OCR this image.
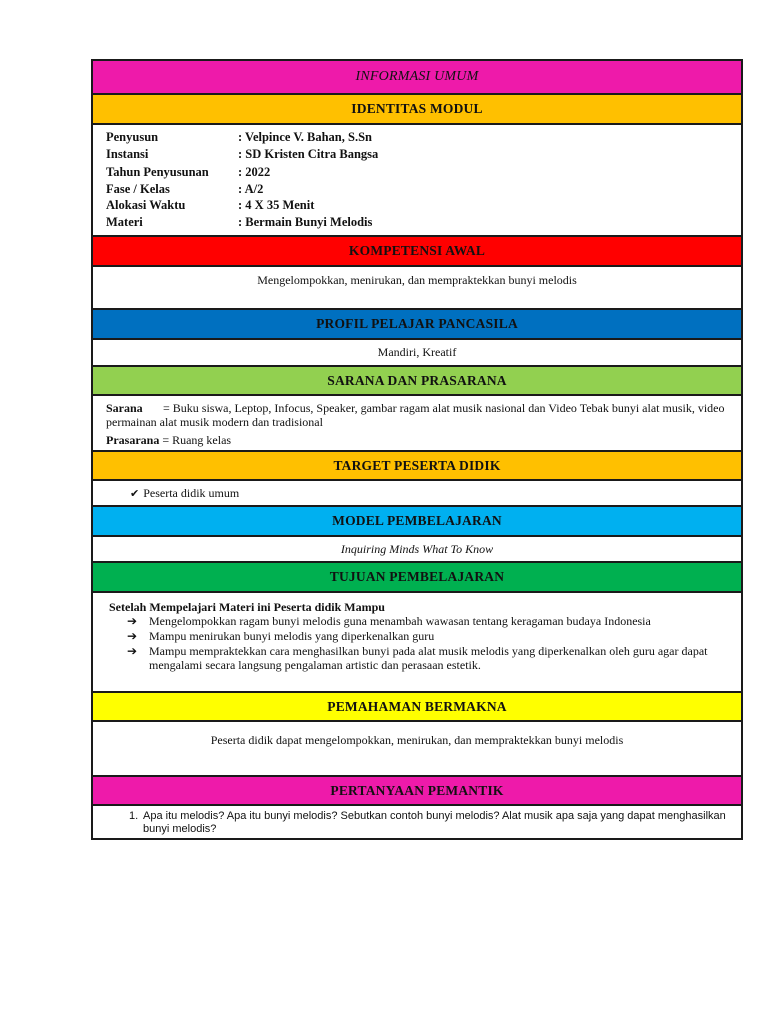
INFORMASI UMUM
IDENTITAS MODUL
Penyusun	: Velpince V. Bahan, S.Sn
Instansi	: SD Kristen Citra Bangsa
Tahun Penyusunan	: 2022
Fase / Kelas	: A/2
Alokasi Waktu	: 4 X 35 Menit
Materi	: Bermain Bunyi Melodis
KOMPETENSI AWAL
Mengelompokkan, menirukan, dan mempraktekkan bunyi melodis
PROFIL PELAJAR PANCASILA
Mandiri, Kreatif
SARANA DAN PRASARANA
Sarana = Buku siswa, Leptop, Infocus, Speaker, gambar ragam alat musik nasional dan Video Tebak bunyi alat musik, video permainan alat musik modern dan tradisional
Prasarana = Ruang kelas
TARGET PESERTA DIDIK
✔ Peserta didik umum
MODEL PEMBELAJARAN
Inquiring Minds What To Know
TUJUAN PEMBELAJARAN
Setelah Mempelajari Materi ini Peserta didik Mampu
➔ Mengelompokkan ragam bunyi melodis guna menambah wawasan tentang keragaman budaya Indonesia
➔ Mampu menirukan bunyi melodis yang diperkenalkan guru
➔ Mampu mempraktekkan cara menghasilkan bunyi pada alat musik melodis yang diperkenalkan oleh guru agar dapat mengalami secara langsung pengalaman artistic dan perasaan estetik.
PEMAHAMAN BERMAKNA
Peserta didik dapat mengelompokkan, menirukan, dan mempraktekkan bunyi melodis
PERTANYAAN PEMANTIK
1. Apa itu melodis? Apa itu bunyi melodis? Sebutkan contoh bunyi melodis? Alat musik apa saja yang dapat menghasilkan bunyi melodis?
